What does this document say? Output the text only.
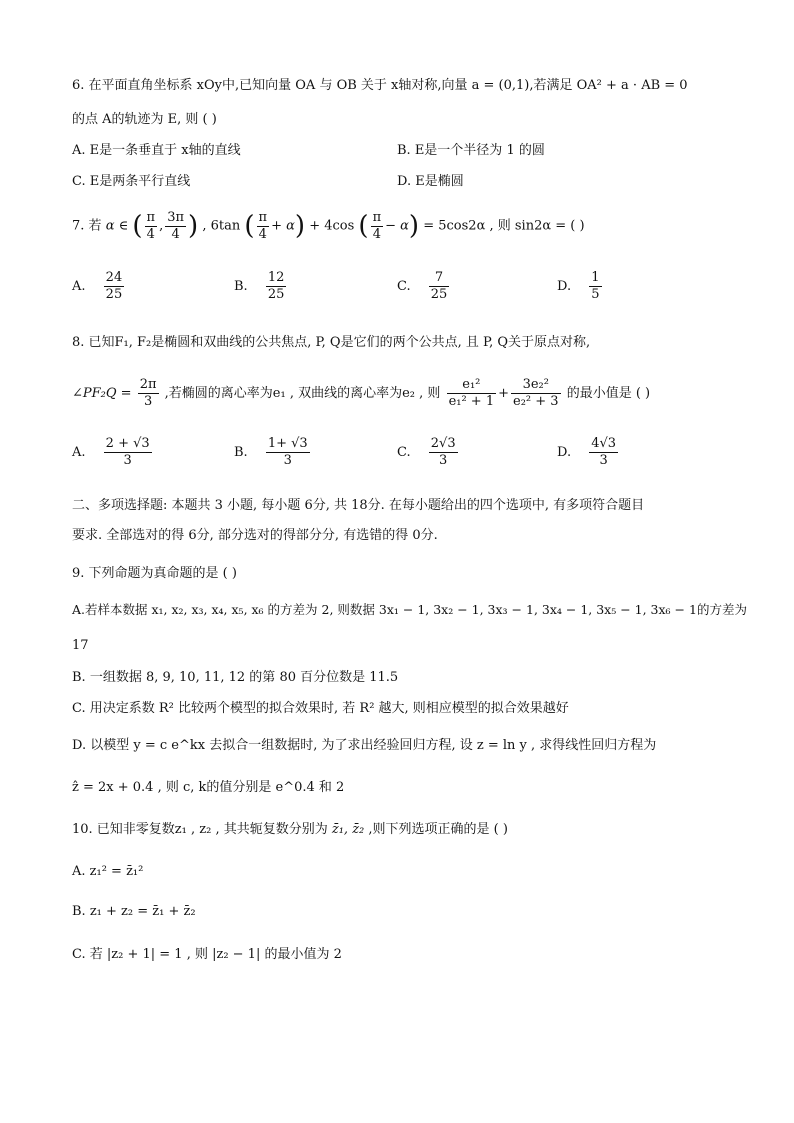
6. 在平面直角坐标系 xOy中,已知向量 OA 与 OB 关于 x轴对称,向量 a = (0,1),若满足 OA² + a · AB = 0
的点 A的轨迹为 E, 则 ( )
A. E是一条垂直于 x轴的直线	B. E是一个半径为 1 的圆
C. E是两条平行直线	D. E是椭圆
7. 若 α ∈ ( $\frac{\pi}{4}$ , $\frac{3\pi}{4}$ ) , 6tan ( $\frac{\pi}{4} + \alpha) + 4\cos$ ( $\frac{\pi}{4} - \alpha) = 5\cos 2\alpha$ , 则 sin2α = ( )
A. $\frac{24}{25}$	B. $\frac{12}{25}$	C. $\frac{7}{25}$	D. $\frac{1}{5}$
8. 已知F₁, F₂是椭圆和双曲线的公共焦点, P, Q是它们的两个公共点, 且 P, Q关于原点对称,
∠PF₂Q = $\frac{2\pi}{3}$ ,若椭圆的离心率为e₁ , 双曲线的离心率为e₂ , 则 $\frac{\text{e₁²}}{\text{e₁² + 1}} + \frac{\text{3e₂²}}{\text{e₂² + 3}}$ 的最小值是 ( )
A. $\frac{2 + √3}{3}$	B. $\frac{1+ √3}{3}$	C. $\frac{2√3}{3}$	D. $\frac{4√3}{3}$
二、多项选择题: 本题共 3 小题, 每小题 6分, 共 18分. 在每小题给出的四个选项中, 有多项符合题目
要求. 全部选对的得 6分, 部分选对的得部分分, 有选错的得 0分.
9. 下列命题为真命题的是 ( )
A.若样本数据 x₁, x₂, x₃, x₄, x₅, x₆ 的方差为 2, 则数据 3x₁ − 1, 3x₂ − 1, 3x₃ − 1, 3x₄ − 1, 3x₅ − 1, 3x₆ − 1的方差为
17
B. 一组数据 8, 9, 10, 11, 12 的第 80 百分位数是 11.5
C. 用决定系数 R² 比较两个模型的拟合效果时, 若 R² 越大, 则相应模型的拟合效果越好
D. 以模型 y = c e^kx 去拟合一组数据时, 为了求出经验回归方程, 设 z = ln y , 求得线性回归方程为
ẑ = 2x + 0.4 , 则 c, k的值分别是 e^0.4 和 2
10. 已知非零复数z₁ , z₂ , 其共轭复数分别为 z̄₁, z̄₂ ,则下列选项正确的是 ( )
A. z₁² = z̄₁²
B. z₁ + z₂ = z̄₁ + z̄₂
C. 若 |z₂ + 1| = 1 , 则 |z₂ − 1| 的最小值为 2
